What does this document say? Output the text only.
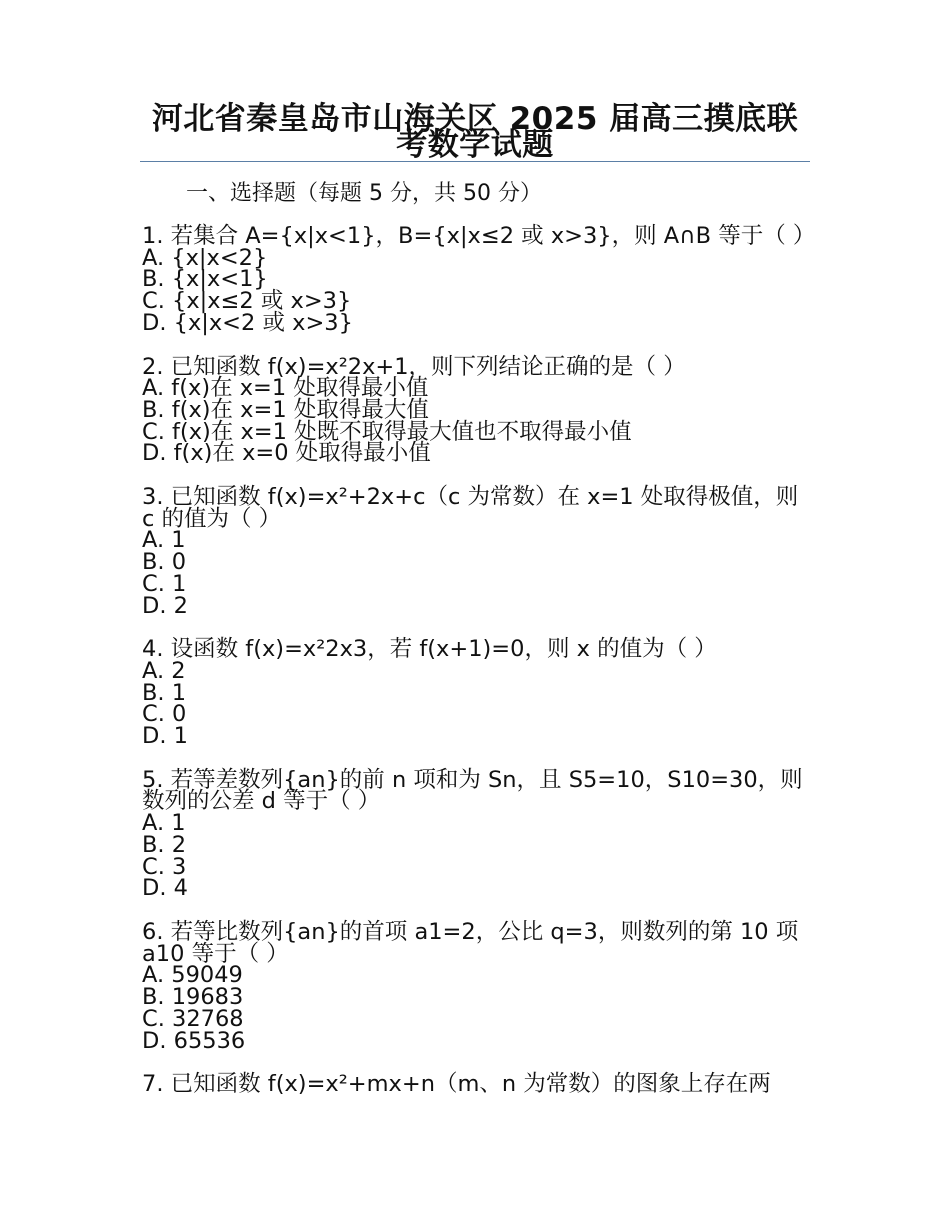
河北省秦皇岛市山海关区 2025 届高三摸底联考数学试题
一、选择题（每题 5 分，共 50 分）

1. 若集合 A={x|x<1}，B={x|x≤2 或 x>3}，则 A∩B 等于（ ）

A. {x|x<2}

B. {x|x<1}

C. {x|x≤2 或 x>3}

D. {x|x<2 或 x>3}

2. 已知函数 f(x)=x²2x+1，则下列结论正确的是（ ）

A. f(x)在 x=1 处取得最小值

B. f(x)在 x=1 处取得最大值

C. f(x)在 x=1 处既不取得最大值也不取得最小值

D. f(x)在 x=0 处取得最小值

3. 已知函数 f(x)=x²+2x+c（c 为常数）在 x=1 处取得极值，则 c 的值为（ ）

A. 1

B. 0

C. 1

D. 2

4. 设函数 f(x)=x²2x3，若 f(x+1)=0，则 x 的值为（ ）

A. 2

B. 1

C. 0

D. 1

5. 若等差数列{an}的前 n 项和为 Sn，且 S5=10，S10=30，则数列的公差 d 等于（ ）

A. 1

B. 2

C. 3

D. 4

6. 若等比数列{an}的首项 a1=2，公比 q=3，则数列的第 10 项 a10 等于（ ）

A. 59049

B. 19683

C. 32768

D. 65536

7. 已知函数 f(x)=x²+mx+n（m、n 为常数）的图象上存在两
